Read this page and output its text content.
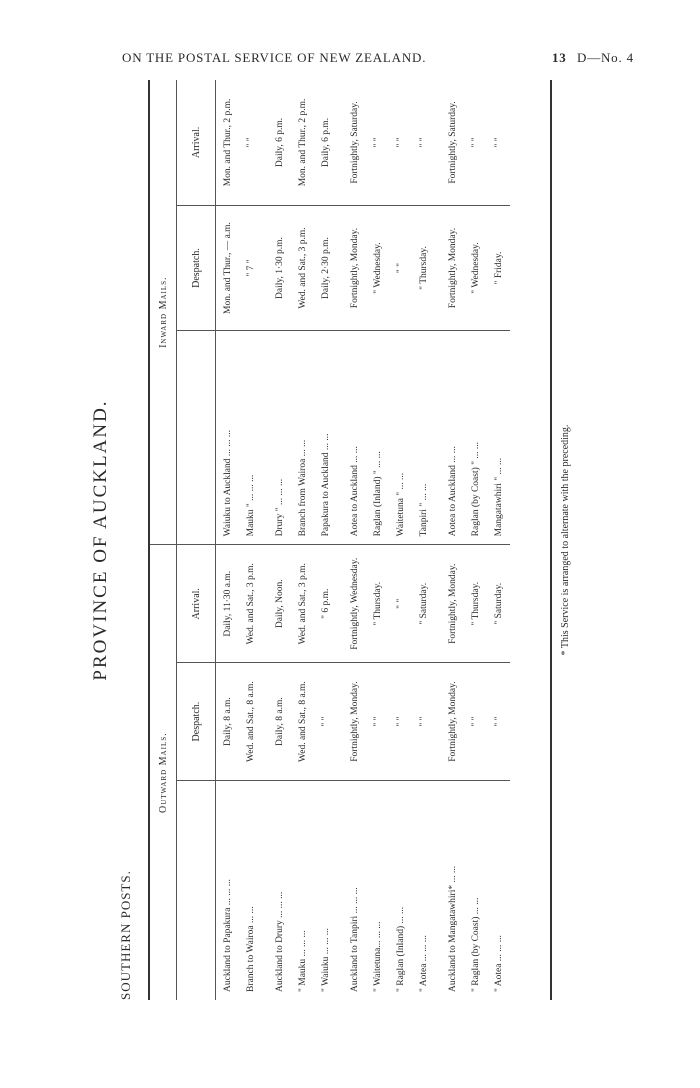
ON THE POSTAL SERVICE OF NEW ZEALAND.	13 D—No. 4
PROVINCE OF AUCKLAND.
SOUTHERN POSTS.
Outward Mails.			Inward Mails.		
	Despatch.	Arrival.		Despatch.	Arrival.
Auckland to Papakura ... ... ...	Daily, 8 a.m.	Daily, 11·30 a.m.	Waiuku to Auckland ... ... ...	Mon. and Thur., — a.m.	Mon. and Thur., 2 p.m.
Branch to Wairoa ... ...	Wed. and Sat., 8 a.m.	Wed. and Sat., 3 p.m.	Mauku " ... ... ...	" 7 "	" "
Auckland to Drury ... ... ...	Daily, 8 a.m.	Daily, Noon.	Drury " ... ... ...	Daily, 1·30 p.m.	Daily, 6 p.m.
" Mauku ... ... ...	Wed. and Sat., 8 a.m.	Wed. and Sat., 3 p.m.	Branch from Wairoa ... ...	Wed. and Sat., 3 p.m.	Mon. and Thur., 2 p.m.
" Waiuku ... ... ...	" "	" 6 p.m.	Papakura to Auckland ... ...	Daily, 2·30 p.m.	Daily, 6 p.m.
Auckland to Tanpiri ... ... ...	Fortnightly, Monday.	Fortnightly, Wednesday.	Aotea to Auckland ... ...	Fortnightly, Monday.	Fortnightly, Saturday.
" Waitetuna... ... ...	" "	" Thursday.	Raglan (Inland) " ... ...	" Wednesday.	" "
" Raglan (Inland) ... ...	" "	" "	Waitetuna " ... ...	" "	" "
" Aotea ... ... ...	" "	" Saturday.	Tanpiri " ... ...	" Thursday.	" "
Auckland to Mangatawhiri* ... ...	Fortnightly, Monday.	Fortnightly, Monday.	Aotea to Auckland ... ...	Fortnightly, Monday.	Fortnightly, Saturday.
" Raglan (by Coast) ... ...	" "	" Thursday.	Raglan (by Coast) " ... ...	" Wednesday.	" "
" Aotea ... ... ...	" "	" Saturday.	Mangatawhiri " ... ...	" Friday.	" "
* This Service is arranged to alternate with the preceding.
